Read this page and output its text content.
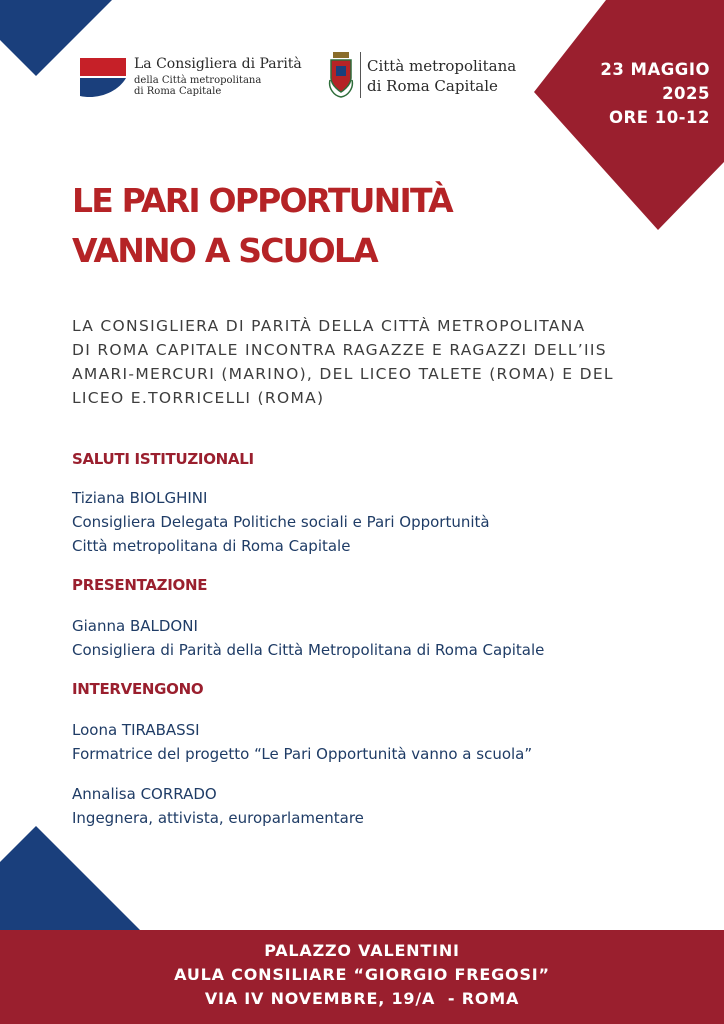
La Consigliera di Parità
della Città metropolitana
di Roma Capitale
Città metropolitana
di Roma Capitale
23 MAGGIO
2025
ORE 10-12
LE PARI OPPORTUNITÀ
VANNO A SCUOLA

LA CONSIGLIERA DI PARITÀ DELLA CITTÀ METROPOLITANA
DI ROMA CAPITALE INCONTRA RAGAZZE E RAGAZZI DELL’IIS
AMARI-MERCURI (MARINO), DEL LICEO TALETE (ROMA) E DEL
LICEO E.TORRICELLI (ROMA)

SALUTI ISTITUZIONALI
Tiziana BIOLGHINI
Consigliera Delegata Politiche sociali e Pari Opportunità
Città metropolitana di Roma Capitale
PRESENTAZIONE
Gianna BALDONI
Consigliera di Parità della Città Metropolitana di Roma Capitale
INTERVENGONO
Loona TIRABASSI
Formatrice del progetto “Le Pari Opportunità vanno a scuola”
Annalisa CORRADO
Ingegnera, attivista, europarlamentare
PALAZZO VALENTINI
AULA CONSILIARE “GIORGIO FREGOSI”
VIA IV NOVEMBRE, 19/A  - ROMA
